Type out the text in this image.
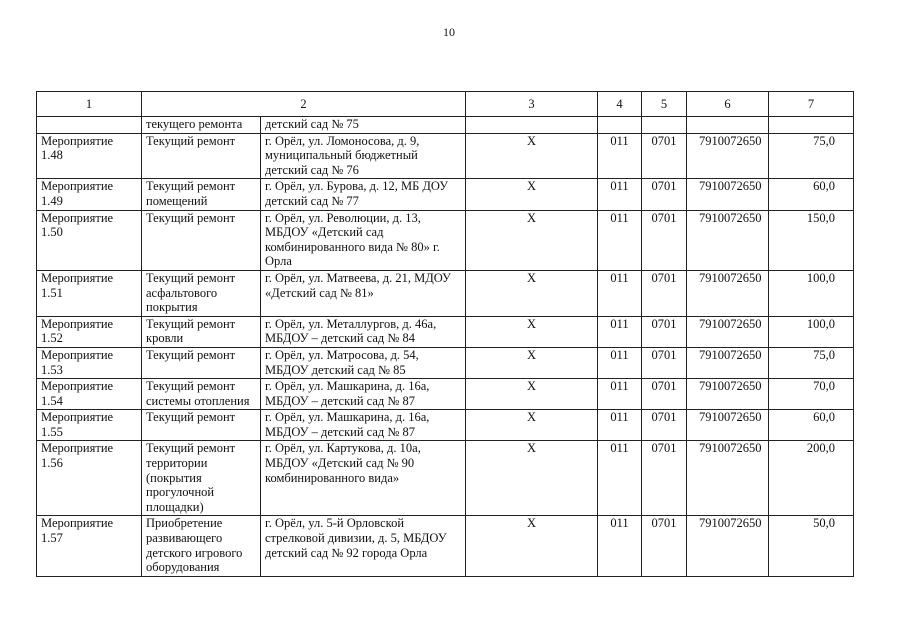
10
1	2		3	4	5	6	7
	текущего ремонта	детский сад № 75					
Мероприятие 1.48	Текущий ремонт	г. Орёл, ул. Ломоносова, д. 9, муниципальный бюджетный детский сад № 76	Х	011	0701	7910072650	75,0
Мероприятие 1.49	Текущий ремонт помещений	г. Орёл, ул. Бурова, д. 12, МБ ДОУ детский сад № 77	Х	011	0701	7910072650	60,0
Мероприятие 1.50	Текущий ремонт	г. Орёл, ул. Революции, д. 13, МБДОУ «Детский сад комбинированного вида № 80» г. Орла	Х	011	0701	7910072650	150,0
Мероприятие 1.51	Текущий ремонт асфальтового покрытия	г. Орёл, ул. Матвеева, д. 21, МДОУ «Детский сад № 81»	Х	011	0701	7910072650	100,0
Мероприятие 1.52	Текущий ремонт кровли	г. Орёл, ул. Металлургов, д. 46а, МБДОУ – детский сад № 84	Х	011	0701	7910072650	100,0
Мероприятие 1.53	Текущий ремонт	г. Орёл, ул. Матросова, д. 54, МБДОУ детский сад № 85	Х	011	0701	7910072650	75,0
Мероприятие 1.54	Текущий ремонт системы отопления	г. Орёл, ул. Машкарина, д. 16а, МБДОУ – детский сад № 87	Х	011	0701	7910072650	70,0
Мероприятие 1.55	Текущий ремонт	г. Орёл, ул. Машкарина, д. 16а, МБДОУ – детский сад № 87	Х	011	0701	7910072650	60,0
Мероприятие 1.56	Текущий ремонт территории (покрытия прогулочной площадки)	г. Орёл, ул. Картукова, д. 10а, МБДОУ «Детский сад № 90 комбинированного вида»	Х	011	0701	7910072650	200,0
Мероприятие 1.57	Приобретение развивающего детского игрового оборудования	г. Орёл, ул. 5-й Орловской стрелковой дивизии, д. 5, МБДОУ детский сад № 92 города Орла	Х	011	0701	7910072650	50,0
